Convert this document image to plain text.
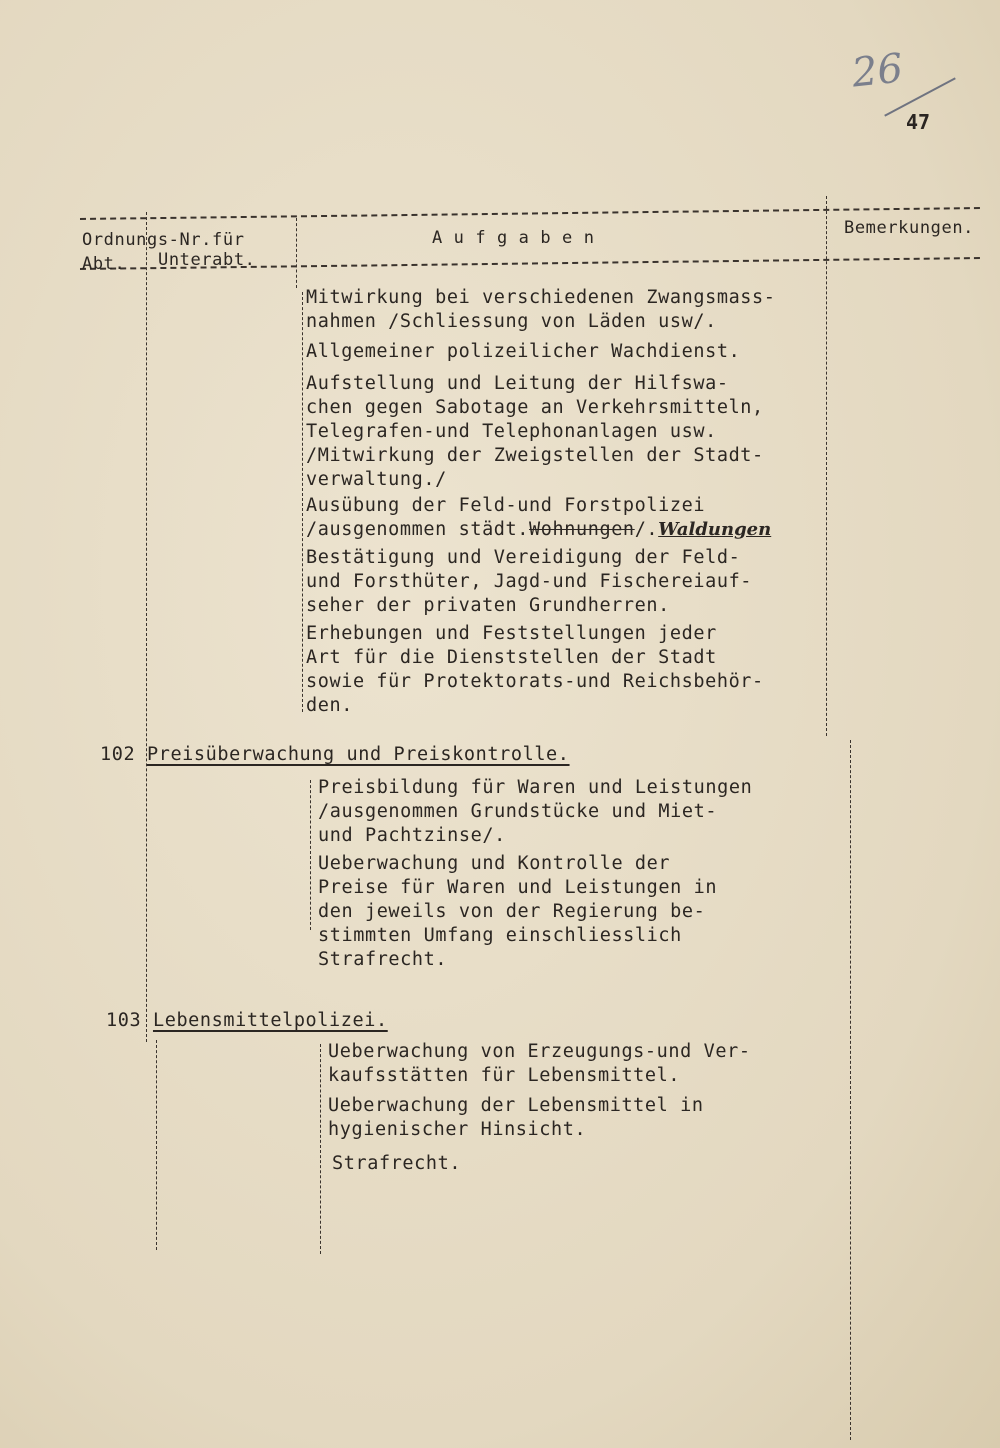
26
47
Ordnungs-Nr.für
Abt. Unterabt.
A u f g a b e n	Bemerkungen.
Mitwirkung bei verschiedenen Zwangsmass-
nahmen /Schliessung von Läden usw/.
Allgemeiner polizeilicher Wachdienst.
Aufstellung und Leitung der Hilfswa-
chen gegen Sabotage an Verkehrsmitteln,
Telegrafen-und Telephonanlagen usw.
/Mitwirkung der Zweigstellen der Stadt-
verwaltung./
Ausübung der Feld-und Forstpolizei
/ausgenommen städt.Wohnungen/.Waldungen
Bestätigung und Vereidigung der Feld-
und Forsthüter, Jagd-und Fischereiauf-
seher der privaten Grundherren.
Erhebungen und Feststellungen jeder
Art für die Dienststellen der Stadt
sowie für Protektorats-und Reichsbehör-
den.
102 Preisüberwachung und Preiskontrolle.
Preisbildung für Waren und Leistungen
/ausgenommen Grundstücke und Miet-
und Pachtzinse/.
Ueberwachung und Kontrolle der
Preise für Waren und Leistungen in
den jeweils von der Regierung be-
stimmten Umfang einschliesslich
Strafrecht.
103 Lebensmittelpolizei.
Ueberwachung von Erzeugungs-und Ver-
kaufsstätten für Lebensmittel.
Ueberwachung der Lebensmittel in
hygienischer Hinsicht.
Strafrecht.
